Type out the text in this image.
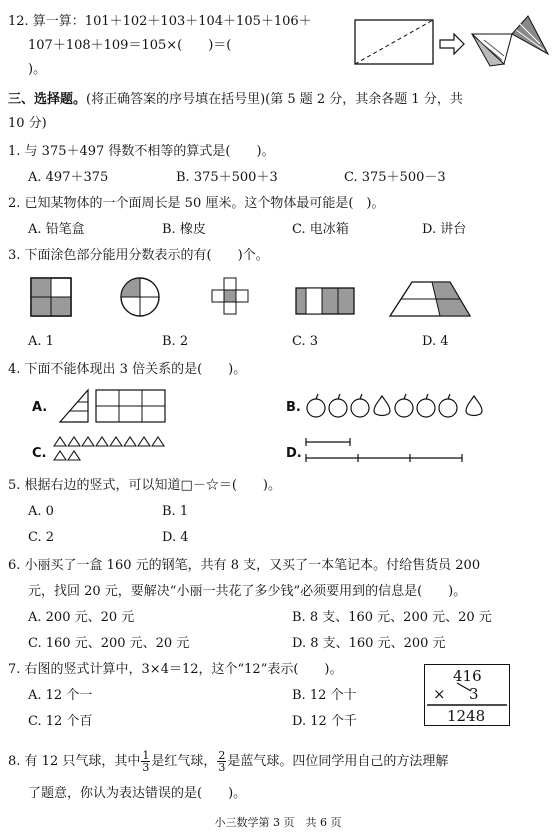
12. 算一算：101＋102＋103＋104＋105＋106＋
107＋108＋109＝105×(　　)＝(　　
)。
三、选择题。(将正确答案的序号填在括号里)(第 5 题 2 分，其余各题 1 分，共
10 分)
1. 与 375＋497 得数不相等的算式是(　　)。
A. 497＋375	B. 375＋500＋3	C. 375＋500－3
2. 已知某物体的一个面周长是 50 厘米。这个物体最可能是(　)。
A. 铅笔盒	B. 橡皮	C. 电冰箱	D. 讲台
3. 下面涂色部分能用分数表示的有(　　)个。
A. 1	B. 2	C. 3	D. 4
4. 下面不能体现出 3 倍关系的是(　　)。
A.	B.
C.	D.
5. 根据右边的竖式，可以知道□－☆＝(　　)。
A. 0	B. 1
C. 2	D. 4
6. 小丽买了一盒 160 元的钢笔，共有 8 支，又买了一本笔记本。付给售货员 200
元，找回 20 元，要解决“小丽一共花了多少钱”必须要用到的信息是(　　)。
A. 200 元、20 元	B. 8 支、160 元、200 元、20 元
C. 160 元、200 元、20 元	D. 8 支、160 元、200 元
7. 右图的竖式计算中，3×4＝12，这个“12”表示(　　)。
A. 12 个一	B. 12 个十
C. 12 个百	D. 12 个千
416
× 3
1248
8. 有 12 只气球，其中 $\frac{1}{3}$ 是红气球， $\frac{2}{3}$ 是蓝气球。四位同学用自己的方法理解
了题意，你认为表达错误的是(　　)。
小三数学第 3 页　共 6 页
